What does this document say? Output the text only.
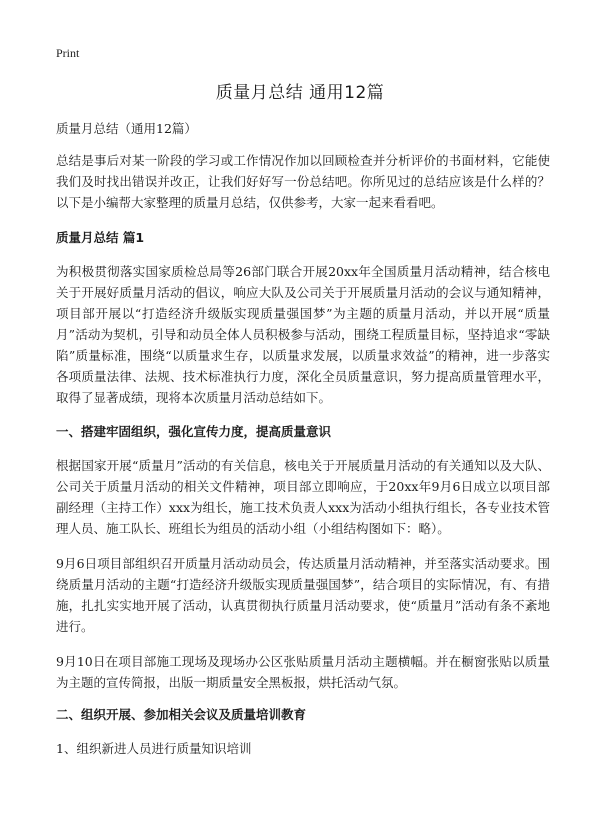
Print
质量月总结 通用12篇

质量月总结（通用12篇）

总结是事后对某一阶段的学习或工作情况作加以回顾检查并分析评价的书面材料，它能使我们及时找出错误并改正，让我们好好写一份总结吧。你所见过的总结应该是什么样的？以下是小编帮大家整理的质量月总结，仅供参考，大家一起来看看吧。

质量月总结 篇1

为积极贯彻落实国家质检总局等26部门联合开展20xx年全国质量月活动精神，结合核电关于开展好质量月活动的倡议，响应大队及公司关于开展质量月活动的会议与通知精神，项目部开展以“打造经济升级版实现质量强国梦”为主题的质量月活动，并以开展“质量月”活动为契机，引导和动员全体人员积极参与活动，围绕工程质量目标，坚持追求“零缺陷”质量标准，围绕“以质量求生存，以质量求发展，以质量求效益”的精神，进一步落实各项质量法律、法规、技术标准执行力度，深化全员质量意识，努力提高质量管理水平，取得了显著成绩，现将本次质量月活动总结如下。

一、搭建牢固组织，强化宣传力度，提高质量意识

根据国家开展“质量月”活动的有关信息，核电关于开展质量月活动的有关通知以及大队、公司关于质量月活动的相关文件精神，项目部立即响应，于20xx年9月6日成立以项目部副经理（主持工作）xxx为组长，施工技术负责人xxx为活动小组执行组长，各专业技术管理人员、施工队长、班组长为组员的活动小组（小组结构图如下：略）。

9月6日项目部组织召开质量月活动动员会，传达质量月活动精神，并至落实活动要求。围绕质量月活动的主题“打造经济升级版实现质量强国梦”，结合项目的实际情况，有、有措施，扎扎实实地开展了活动，认真贯彻执行质量月活动要求，使“质量月”活动有条不紊地进行。

9月10日在项目部施工现场及现场办公区张贴质量月活动主题横幅。并在橱窗张贴以质量为主题的宣传简报，出版一期质量安全黑板报，烘托活动气氛。

二、组织开展、参加相关会议及质量培训教育

1、组织新进人员进行质量知识培训
